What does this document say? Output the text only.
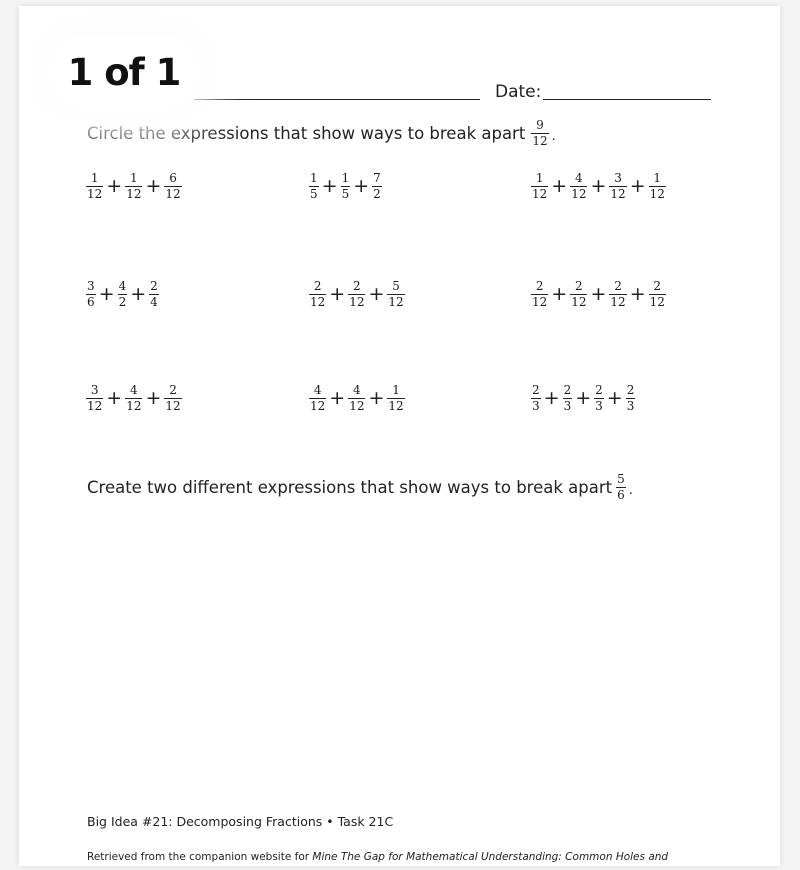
1 of 1	Date:
Circle the expressions that show ways to break apart $\frac{9}{12}$ .
$\frac{1}{12} + \frac{1}{12} + \frac{6}{12}$	$\frac{1}{5} + \frac{1}{5} + \frac{7}{2}$	$\frac{1}{12} + \frac{4}{12} + \frac{3}{12} + \frac{1}{12}$
$\frac{3}{6} + \frac{4}{2} + \frac{2}{4}$	$\frac{2}{12} + \frac{2}{12} + \frac{5}{12}$	$\frac{2}{12} + \frac{2}{12} + \frac{2}{12} + \frac{2}{12}$
$\frac{3}{12} + \frac{4}{12} + \frac{2}{12}$	$\frac{4}{12} + \frac{4}{12} + \frac{1}{12}$	$\frac{2}{3} + \frac{2}{3} + \frac{2}{3} + \frac{2}{3}$
Create two different expressions that show ways to break apart $\frac{5}{6}$ .
Big Idea #21: Decomposing Fractions • Task 21C
Retrieved from the companion website for Mine The Gap for Mathematical Understanding: Common Holes and
